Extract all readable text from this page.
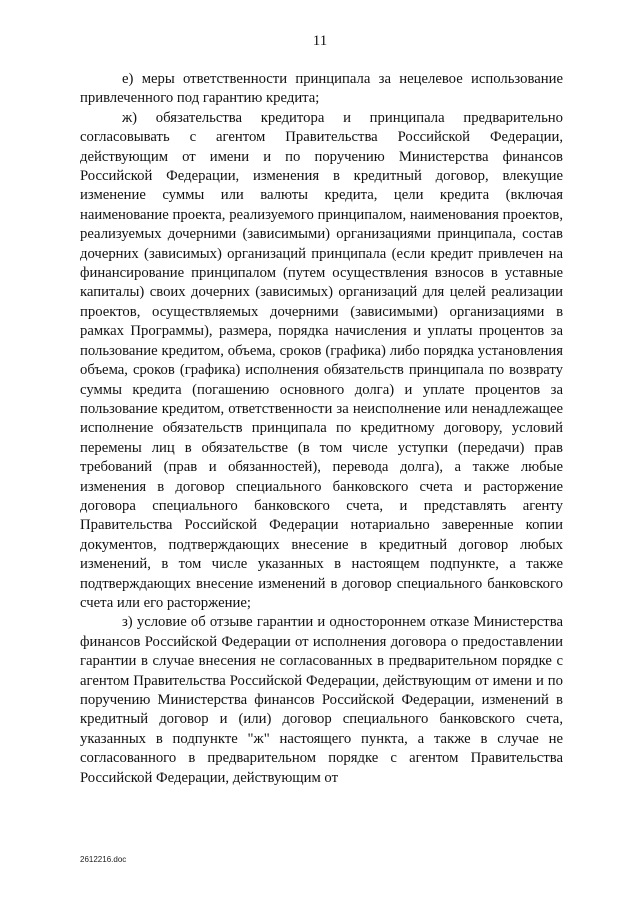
11

е) меры ответственности принципала за нецелевое использование привлеченного под гарантию кредита;

ж) обязательства кредитора и принципала предварительно согласовывать с агентом Правительства Российской Федерации, действующим от имени и по поручению Министерства финансов Российской Федерации, изменения в кредитный договор, влекущие изменение суммы или валюты кредита, цели кредита (включая наименование проекта, реализуемого принципалом, наименования проектов, реализуемых дочерними (зависимыми) организациями принципала, состав дочерних (зависимых) организаций принципала (если кредит привлечен на финансирование принципалом (путем осуществления взносов в уставные капиталы) своих дочерних (зависимых) организаций для целей реализации проектов, осуществляемых дочерними (зависимыми) организациями в рамках Программы), размера, порядка начисления и уплаты процентов за пользование кредитом, объема, сроков (графика) либо порядка установления объема, сроков (графика) исполнения обязательств принципала по возврату суммы кредита (погашению основного долга) и уплате процентов за пользование кредитом, ответственности за неисполнение или ненадлежащее исполнение обязательств принципала по кредитному договору, условий перемены лиц в обязательстве (в том числе уступки (передачи) прав требований (прав и обязанностей), перевода долга), а также любые изменения в договор специального банковского счета и расторжение договора специального банковского счета, и представлять агенту Правительства Российской Федерации нотариально заверенные копии документов, подтверждающих внесение в кредитный договор любых изменений, в том числе указанных в настоящем подпункте, а также подтверждающих внесение изменений в договор специального банковского счета или его расторжение;

з) условие об отзыве гарантии и одностороннем отказе Министерства финансов Российской Федерации от исполнения договора о предоставлении гарантии в случае внесения не согласованных в предварительном порядке с агентом Правительства Российской Федерации, действующим от имени и по поручению Министерства финансов Российской Федерации, изменений в кредитный договор и (или) договор специального банковского счета, указанных в подпункте "ж" настоящего пункта, а также в случае не согласованного в предварительном порядке с агентом Правительства Российской Федерации, действующим от

2612216.doc
